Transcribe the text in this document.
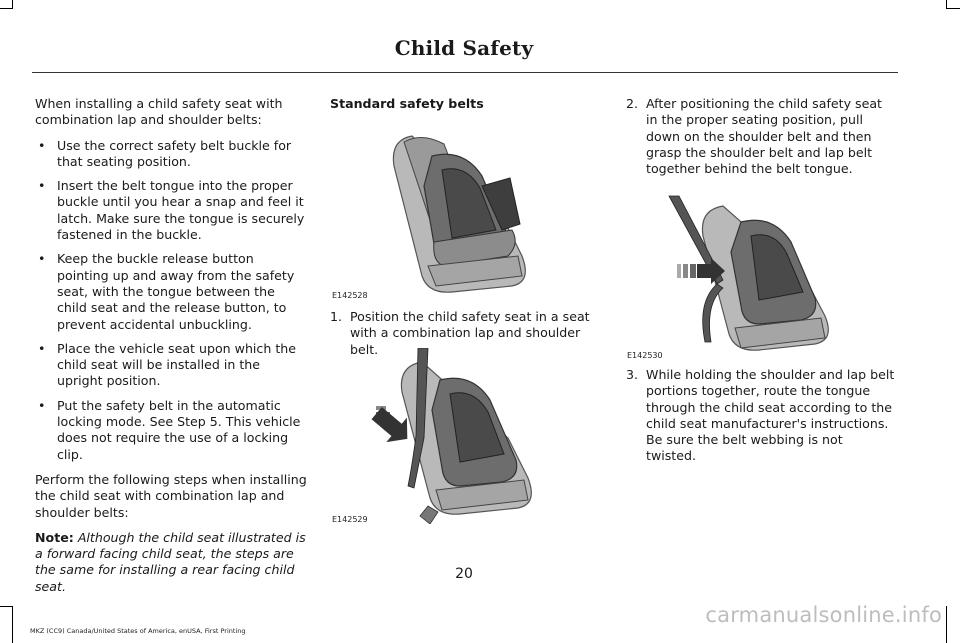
Child Safety

When installing a child safety seat with combination lap and shoulder belts:

• Use the correct safety belt buckle for that seating position.
• Insert the belt tongue into the proper buckle until you hear a snap and feel it latch. Make sure the tongue is securely fastened in the buckle.
• Keep the buckle release button pointing up and away from the safety seat, with the tongue between the child seat and the release button, to prevent accidental unbuckling.
• Place the vehicle seat upon which the child seat will be installed in the upright position.
• Put the safety belt in the automatic locking mode. See Step 5. This vehicle does not require the use of a locking clip.

Perform the following steps when installing the child seat with combination lap and shoulder belts:

Note: Although the child seat illustrated is a forward facing child seat, the steps are the same for installing a rear facing child seat.

Standard safety belts

E142528
1. Position the child safety seat in a seat with a combination lap and shoulder belt.
E142529
2. After positioning the child safety seat in the proper seating position, pull down on the shoulder belt and then grasp the shoulder belt and lap belt together behind the belt tongue.
E142530
3. While holding the shoulder and lap belt portions together, route the tongue through the child seat according to the child seat manufacturer's instructions. Be sure the belt webbing is not twisted.
20
MKZ (CC9) Canada/United States of America, enUSA, First Printing
carmanualsonline.info
